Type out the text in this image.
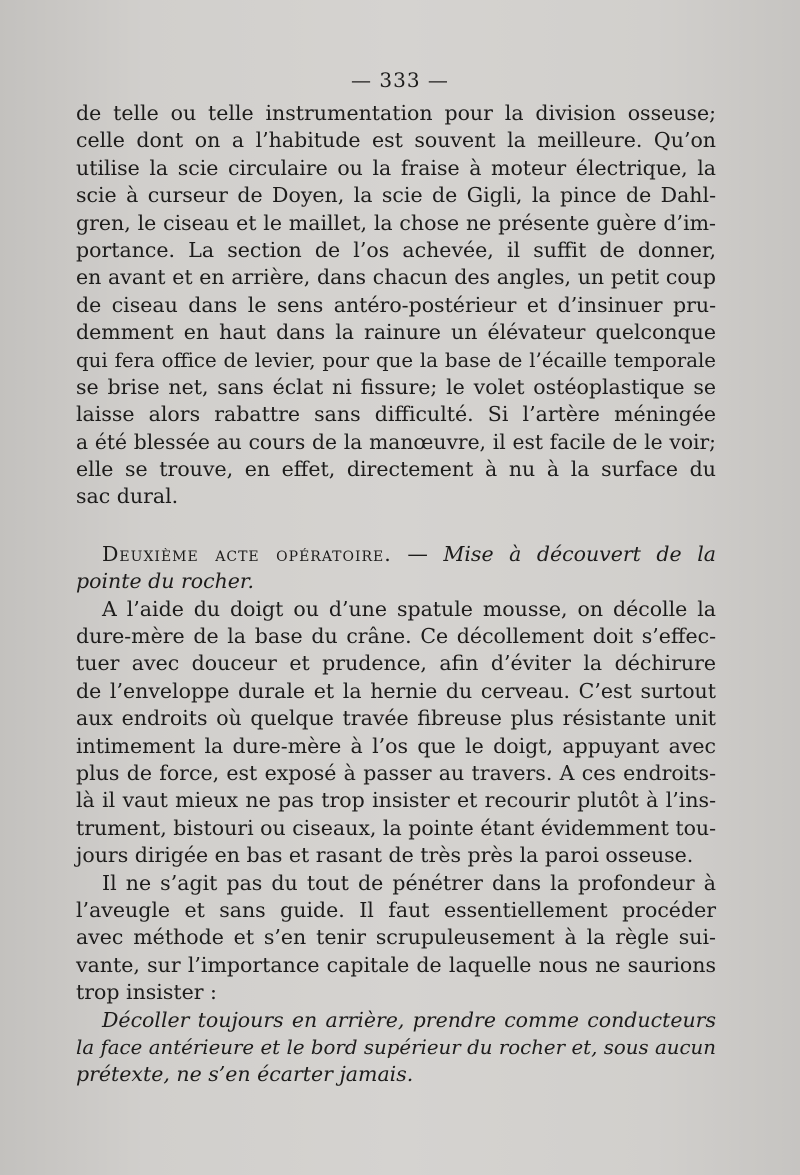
— 333 —
de telle ou telle instrumentation pour la division osseuse;
celle dont on a l’habitude est souvent la meilleure. Qu’on
utilise la scie circulaire ou la fraise à moteur électrique, la
scie à curseur de Doyen, la scie de Gigli, la pince de Dahl-
gren, le ciseau et le maillet, la chose ne présente guère d’im-
portance. La section de l’os achevée, il suffit de donner,
en avant et en arrière, dans chacun des angles, un petit coup
de ciseau dans le sens antéro-postérieur et d’insinuer pru-
demment en haut dans la rainure un élévateur quelconque
qui fera office de levier, pour que la base de l’écaille temporale
se brise net, sans éclat ni fissure; le volet ostéoplastique se
laisse alors rabattre sans difficulté. Si l’artère méningée
a été blessée au cours de la manœuvre, il est facile de le voir;
elle se trouve, en effet, directement à nu à la surface du
sac dural.
Deuxième acte opératoire. — Mise à découvert de la
pointe du rocher.
A l’aide du doigt ou d’une spatule mousse, on décolle la
dure-mère de la base du crâne. Ce décollement doit s’effec-
tuer avec douceur et prudence, afin d’éviter la déchirure
de l’enveloppe durale et la hernie du cerveau. C’est surtout
aux endroits où quelque travée fibreuse plus résistante unit
intimement la dure-mère à l’os que le doigt, appuyant avec
plus de force, est exposé à passer au travers. A ces endroits-
là il vaut mieux ne pas trop insister et recourir plutôt à l’ins-
trument, bistouri ou ciseaux, la pointe étant évidemment tou-
jours dirigée en bas et rasant de très près la paroi osseuse.
Il ne s’agit pas du tout de pénétrer dans la profondeur à
l’aveugle et sans guide. Il faut essentiellement procéder
avec méthode et s’en tenir scrupuleusement à la règle sui-
vante, sur l’importance capitale de laquelle nous ne saurions
trop insister :
Décoller toujours en arrière, prendre comme conducteurs
la face antérieure et le bord supérieur du rocher et, sous aucun
prétexte, ne s’en écarter jamais.
